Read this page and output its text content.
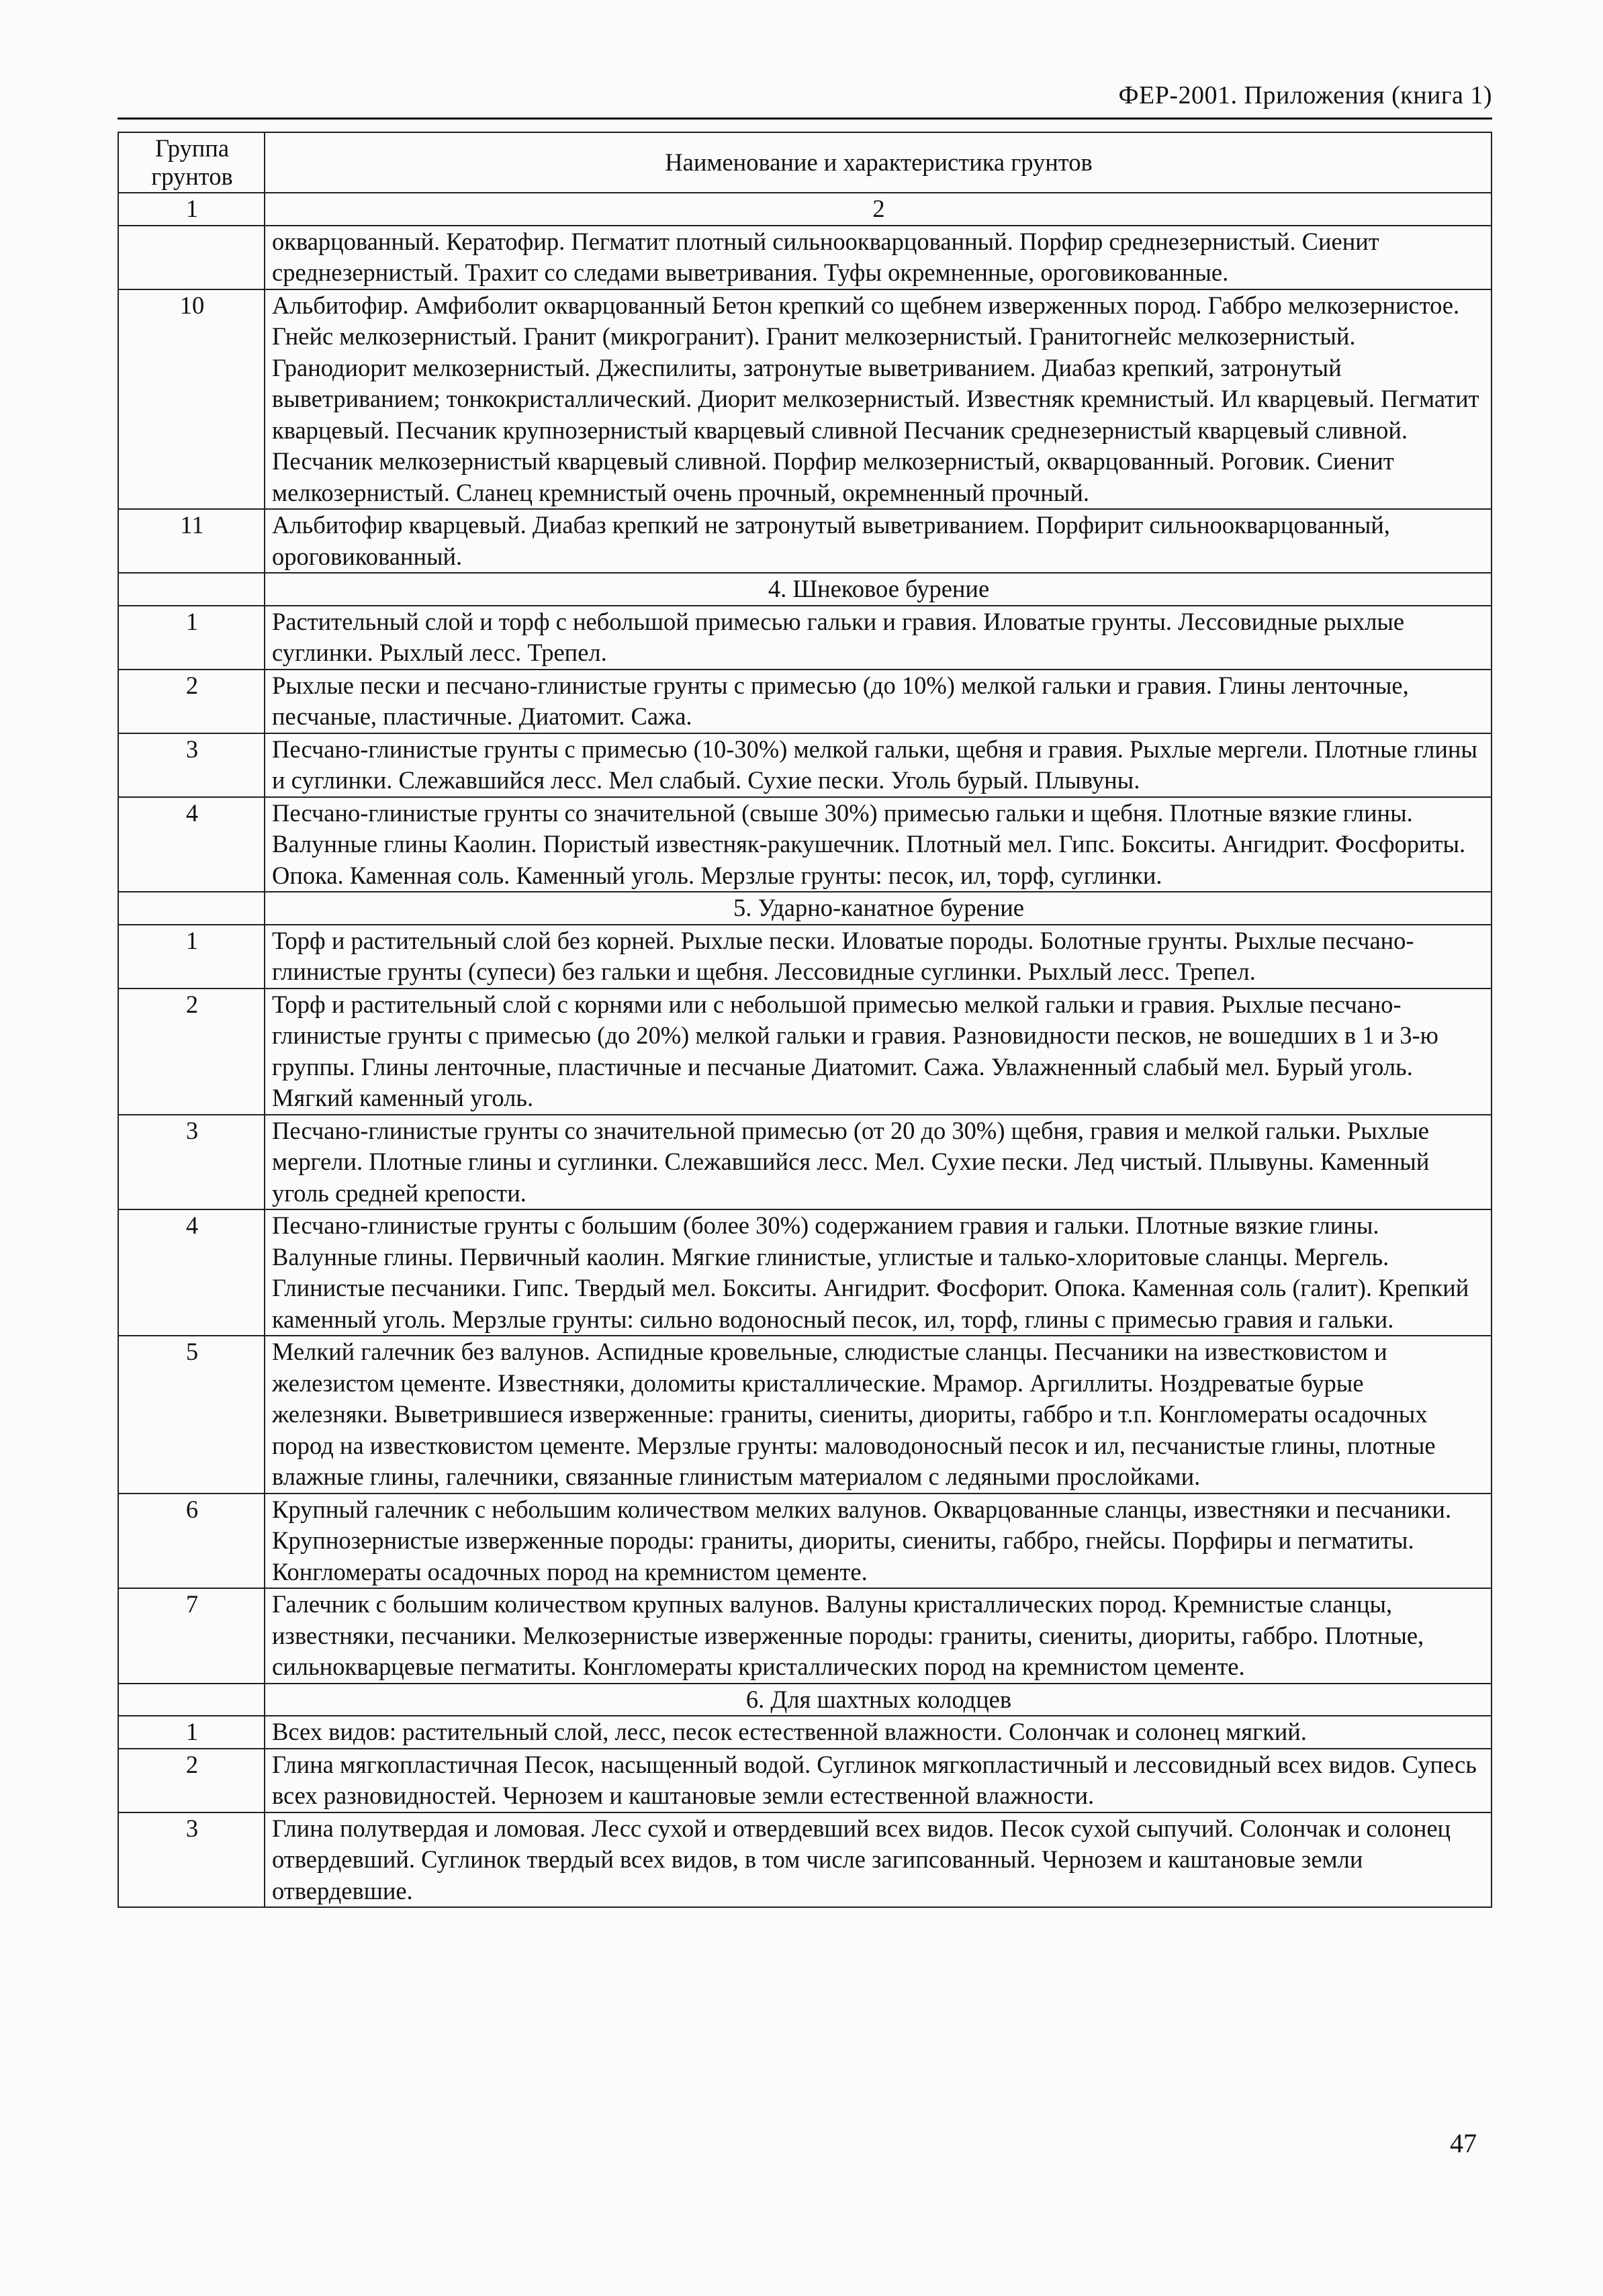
ФЕР-2001. Приложения (книга 1)
Группа грунтов	Наименование и характеристика грунтов
1	2
	окварцованный. Кератофир. Пегматит плотный сильноокварцованный. Порфир среднезернистый. Сиенит среднезернистый. Трахит со следами выветривания. Туфы окремненные, ороговикованные.
10	Альбитофир. Амфиболит окварцованный Бетон крепкий со щебнем изверженных пород. Габбро мелкозернистое. Гнейс мелкозернистый. Гранит (микрогранит). Гранит мелкозернистый. Гранитогнейс мелкозернистый. Гранодиорит мелкозернистый. Джеспилиты, затронутые выветриванием. Диабаз крепкий, затронутый выветриванием; тонкокристаллический. Диорит мелкозернистый. Известняк кремнистый. Ил кварцевый. Пегматит кварцевый. Песчаник крупнозернистый кварцевый сливной Песчаник среднезернистый кварцевый сливной. Песчаник мелкозернистый кварцевый сливной. Порфир мелкозернистый, окварцованный. Роговик. Сиенит мелкозернистый. Сланец кремнистый очень прочный, окремненный прочный.
11	Альбитофир кварцевый. Диабаз крепкий не затронутый выветриванием. Порфирит сильноокварцованный, ороговикованный.
	4. Шнековое бурение
1	Растительный слой и торф с небольшой примесью гальки и гравия. Иловатые грунты. Лессовидные рыхлые суглинки. Рыхлый лесс. Трепел.
2	Рыхлые пески и песчано-глинистые грунты с примесью (до 10%) мелкой гальки и гравия. Глины ленточные, песчаные, пластичные. Диатомит. Сажа.
3	Песчано-глинистые грунты с примесью (10-30%) мелкой гальки, щебня и гравия. Рыхлые мергели. Плотные глины и суглинки. Слежавшийся лесс. Мел слабый. Сухие пески. Уголь бурый. Плывуны.
4	Песчано-глинистые грунты со значительной (свыше 30%) примесью гальки и щебня. Плотные вязкие глины. Валунные глины Каолин. Пористый известняк-ракушечник. Плотный мел. Гипс. Бокситы. Ангидрит. Фосфориты. Опока. Каменная соль. Каменный уголь. Мерзлые грунты: песок, ил, торф, суглинки.
	5. Ударно-канатное бурение
1	Торф и растительный слой без корней. Рыхлые пески. Иловатые породы. Болотные грунты. Рыхлые песчано-глинистые грунты (супеси) без гальки и щебня. Лессовидные суглинки. Рыхлый лесс. Трепел.
2	Торф и растительный слой с корнями или с небольшой примесью мелкой гальки и гравия. Рыхлые песчано-глинистые грунты с примесью (до 20%) мелкой гальки и гравия. Разновидности песков, не вошедших в 1 и 3-ю группы. Глины ленточные, пластичные и песчаные Диатомит. Сажа. Увлажненный слабый мел. Бурый уголь. Мягкий каменный уголь.
3	Песчано-глинистые грунты со значительной примесью (от 20 до 30%) щебня, гравия и мелкой гальки. Рыхлые мергели. Плотные глины и суглинки. Слежавшийся лесс. Мел. Сухие пески. Лед чистый. Плывуны. Каменный уголь средней крепости.
4	Песчано-глинистые грунты с большим (более 30%) содержанием гравия и гальки. Плотные вязкие глины. Валунные глины. Первичный каолин. Мягкие глинистые, углистые и талько-хлоритовые сланцы. Мергель. Глинистые песчаники. Гипс. Твердый мел. Бокситы. Ангидрит. Фосфорит. Опока. Каменная соль (галит). Крепкий каменный уголь. Мерзлые грунты: сильно водоносный песок, ил, торф, глины с примесью гравия и гальки.
5	Мелкий галечник без валунов. Аспидные кровельные, слюдистые сланцы. Песчаники на известковистом и железистом цементе. Известняки, доломиты кристаллические. Мрамор. Аргиллиты. Ноздреватые бурые железняки. Выветрившиеся изверженные: граниты, сиениты, диориты, габбро и т.п. Конгломераты осадочных пород на известковистом цементе. Мерзлые грунты: маловодоносный песок и ил, песчанистые глины, плотные влажные глины, галечники, связанные глинистым материалом с ледяными прослойками.
6	Крупный галечник с небольшим количеством мелких валунов. Окварцованные сланцы, известняки и песчаники. Крупнозернистые изверженные породы: граниты, диориты, сиениты, габбро, гнейсы. Порфиры и пегматиты. Конгломераты осадочных пород на кремнистом цементе.
7	Галечник с большим количеством крупных валунов. Валуны кристаллических пород. Кремнистые сланцы, известняки, песчаники. Мелкозернистые изверженные породы: граниты, сиениты, диориты, габбро. Плотные, сильнокварцевые пегматиты. Конгломераты кристаллических пород на кремнистом цементе.
	6. Для шахтных колодцев
1	Всех видов: растительный слой, лесс, песок естественной влажности. Солончак и солонец мягкий.
2	Глина мягкопластичная Песок, насыщенный водой. Суглинок мягкопластичный и лессовидный всех видов. Супесь всех разновидностей. Чернозем и каштановые земли естественной влажности.
3	Глина полутвердая и ломовая. Лесс сухой и отвердевший всех видов. Песок сухой сыпучий. Солончак и солонец отвердевший. Суглинок твердый всех видов, в том числе загипсованный. Чернозем и каштановые земли отвердевшие.
47
